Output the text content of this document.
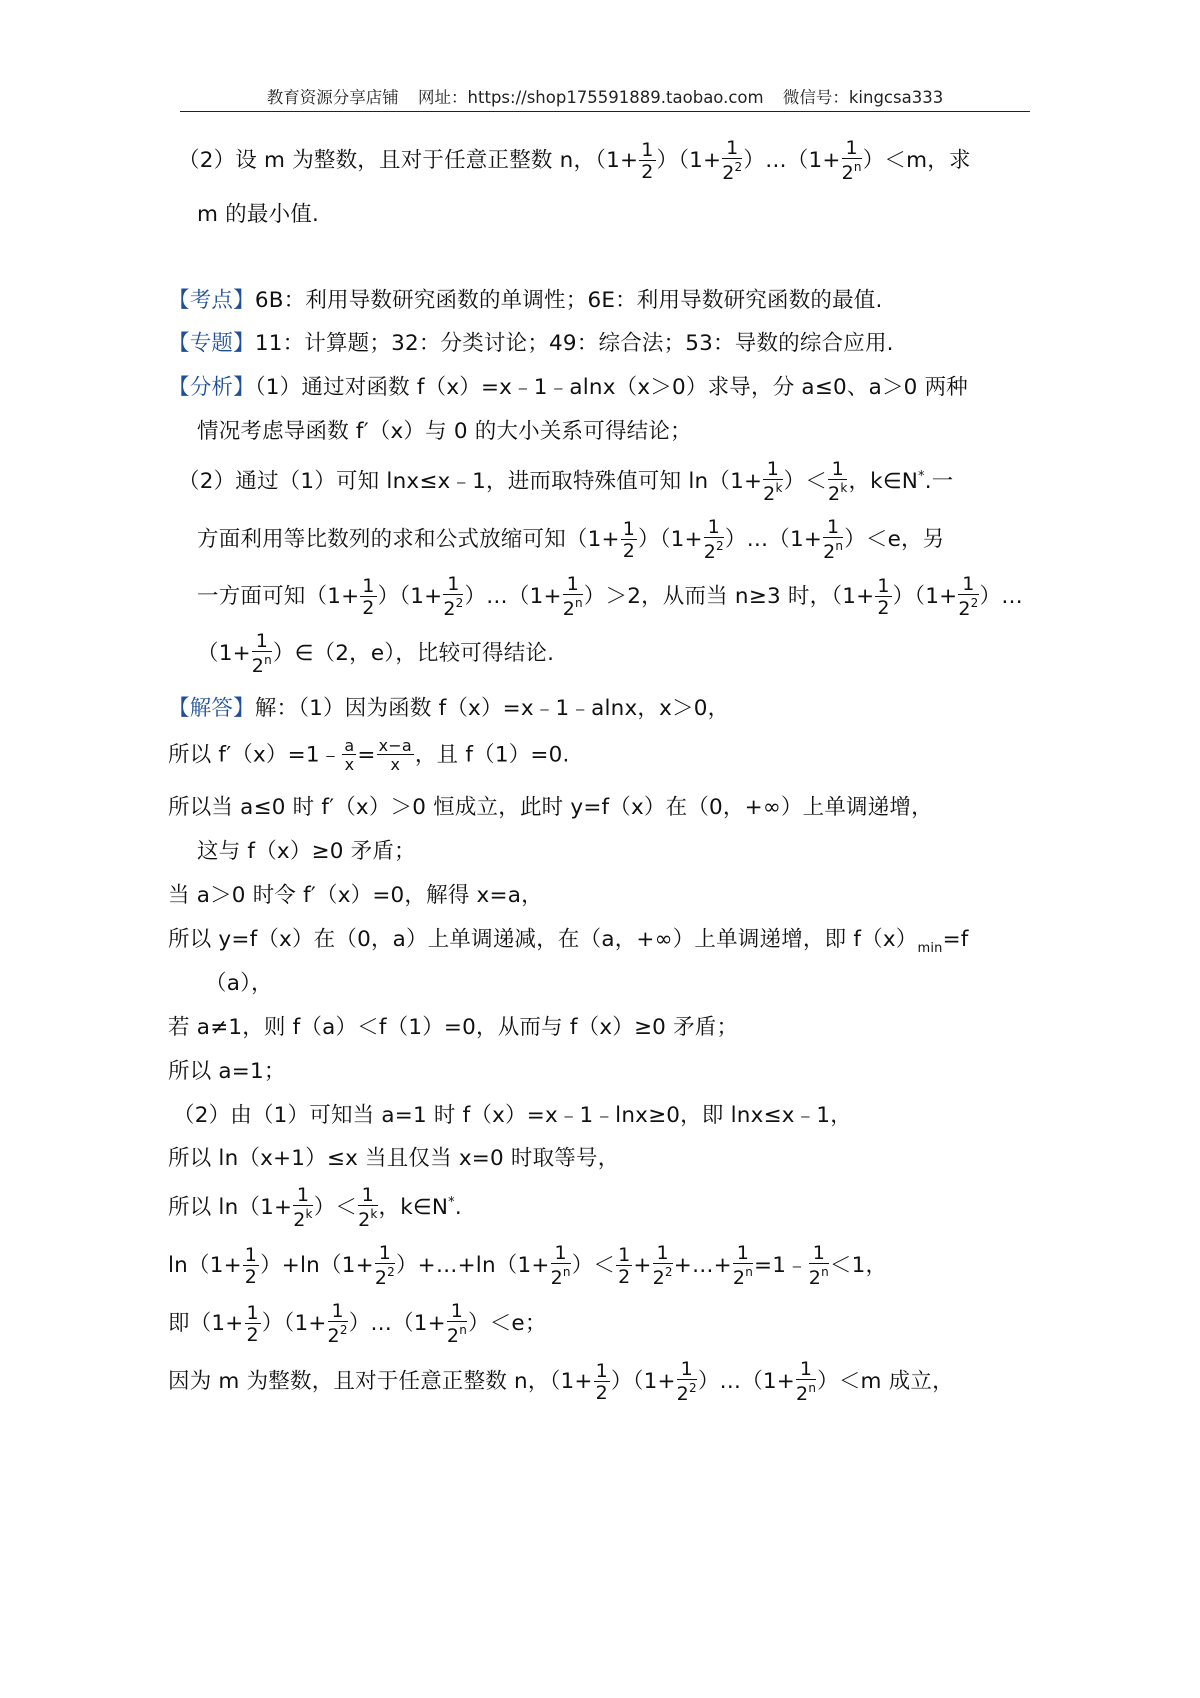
教育资源分享店铺 网址：https://shop175591889.taobao.com 微信号：kingcsa333
（2）设 m 为整数，且对于任意正整数 n，$(1+ \frac{1}{2} )(1+ \frac{1}{2^2}$ ）…（1+ $\frac{1}{2^n} )<m$，求
m 的最小值.
【考点】6B：利用导数研究函数的单调性；6E：利用导数研究函数的最值.
【专题】11：计算题；32：分类讨论；49：综合法；53：导数的综合应用.
【分析】（1）通过对函数 f（x）=x﹣1﹣alnx（x＞0）求导，分 a≤0、a＞0 两种
情况考虑导函数 f′（x）与 0 的大小关系可得结论；
（2）通过（1）可知 lnx≤x﹣1，进而取特殊值可知 $\ln(1+ \frac{1}{2^k}$ ）＜ $\frac{1}{2^k}$ ，k∈N*.一
方面利用等比数列的求和公式放缩可知$(1+ \frac{1}{2} )(1+ \frac{1}{2^2}$ ）…（1+ $\frac{1}{2^n} )<e$，另
一方面可知$(1+ \frac{1}{2} )(1+ \frac{1}{2^2}$ ）…（1+ $\frac{1}{2^n} )>2$，从而当 n≥3 时，$(1+ \frac{1}{2} )(1+ \frac{1}{2^2}$ ）…
（$1+ \frac{1}{2^n}$ ）∈（2，e），比较可得结论.
【解答】解：（1）因为函数 f（x）=x﹣1﹣alnx，x＞0，
所以 f′（x）=1﹣ $\frac{a}{x} = \frac{x-a}{x}$ ，且 f（1）=0.
所以当 a≤0 时 f′（x）＞0 恒成立，此时 y=f（x）在（0，+∞）上单调递增，
这与 f（x）≥0 矛盾；
当 a＞0 时令 f′（x）=0，解得 x=a，
所以 y=f（x）在（0，a）上单调递减，在（a，+∞）上单调递增，即 $f(x)_{min}=f$
（a），
若 a≠1，则 f（a）＜f（1）=0，从而与 f（x）≥0 矛盾；
所以 a=1；
（2）由（1）可知当 a=1 时 f（x）=x﹣1﹣lnx≥0，即 lnx≤x﹣1，
所以 ln（x+1）≤x 当且仅当 x=0 时取等号，
所以 $\ln(1+ \frac{1}{2^k}$ ）＜ $\frac{1}{2^k}$ ，k∈N*.
$\ln(1+ \frac{1}{2} )+\ln(1+ \frac{1}{2^2}$ ）+…+ln（1+ $\frac{1}{2^n}$ ）＜ $\frac{1}{2} + \frac{1}{2^2}$ +…+ $\frac{1}{2^n}$ =1﹣ $\frac{1}{2^n} <1$，
即$(1+ \frac{1}{2} )(1+ \frac{1}{2^2}$ ）…（1+ $\frac{1}{2^n} )<e$；
因为 m 为整数，且对于任意正整数 n，$(1+ \frac{1}{2} )(1+ \frac{1}{2^2}$ ）…（1+ $\frac{1}{2^n} )<m$ 成立，
